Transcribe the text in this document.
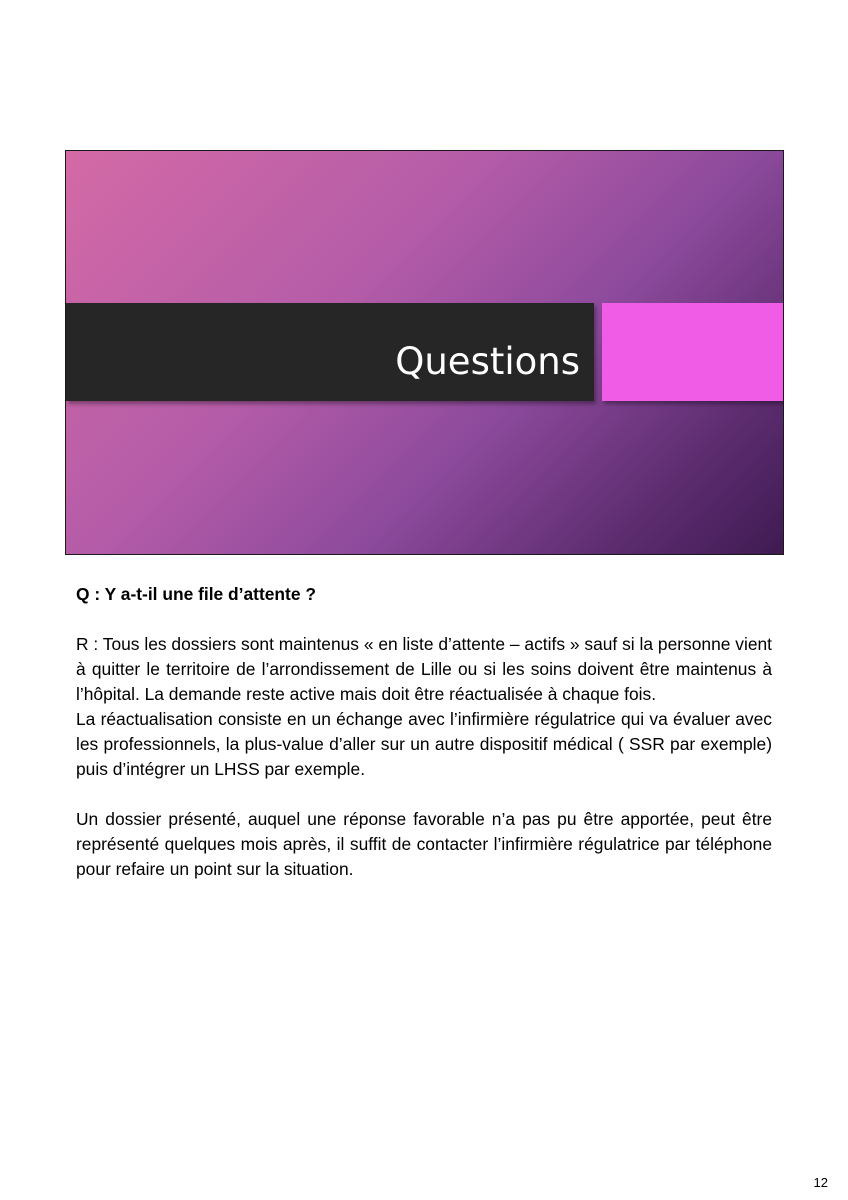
Questions

Q : Y a-t-il une file d’attente ?

R : Tous les dossiers sont maintenus « en liste d’attente – actifs » sauf si la personne vient à quitter le territoire de l’arrondissement de Lille ou si les soins doivent être maintenus à l’hôpital. La demande reste active mais doit être réactualisée à chaque fois.

La réactualisation consiste en un échange avec l’infirmière régulatrice qui va évaluer avec les professionnels, la plus-value d’aller sur un autre dispositif médical ( SSR par exemple) puis d’intégrer un LHSS par exemple.

Un dossier présenté, auquel une réponse favorable n’a pas pu être apportée, peut être représenté quelques mois après, il suffit de contacter l’infirmière régulatrice par téléphone pour refaire un point sur la situation.

12
